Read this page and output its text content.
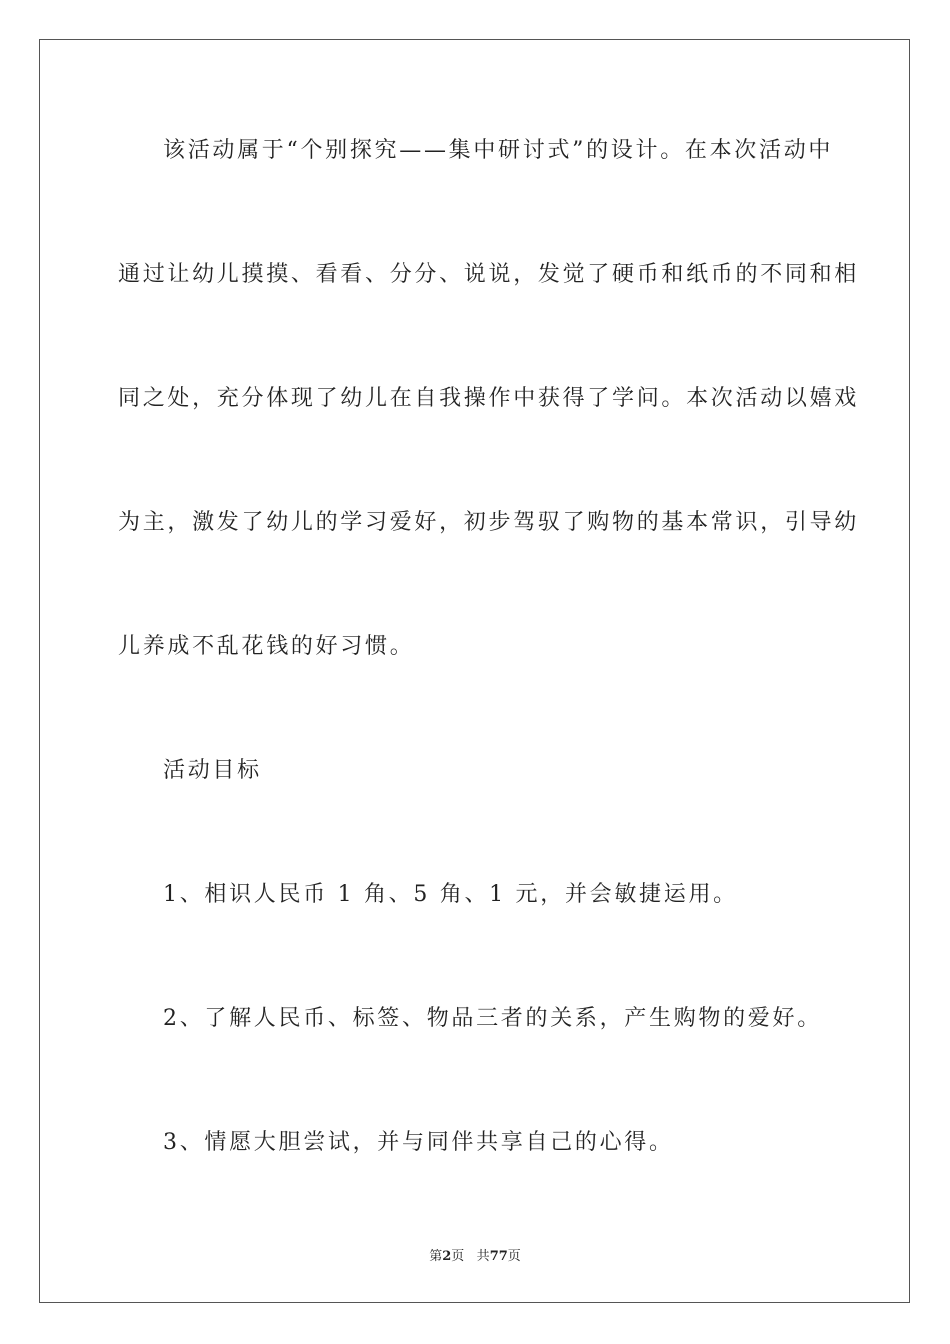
该活动属于“个别探究——集中研讨式”的设计。在本次活动中
通过让幼儿摸摸、看看、分分、说说，发觉了硬币和纸币的不同和相
同之处，充分体现了幼儿在自我操作中获得了学问。本次活动以嬉戏
为主，激发了幼儿的学习爱好，初步驾驭了购物的基本常识，引导幼
儿养成不乱花钱的好习惯。
活动目标
1、相识人民币 1 角、5 角、1 元，并会敏捷运用。
2、了解人民币、标签、物品三者的关系，产生购物的爱好。
3、情愿大胆尝试，并与同伴共享自己的心得。
第2页 共77页
